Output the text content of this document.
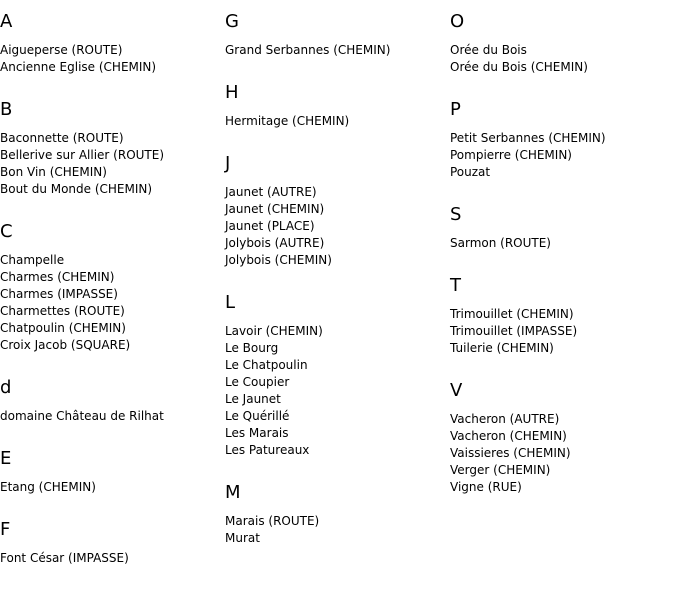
A
Aigueperse (ROUTE)
Ancienne Eglise (CHEMIN)
B
Baconnette (ROUTE)
Bellerive sur Allier (ROUTE)
Bon Vin (CHEMIN)
Bout du Monde (CHEMIN)
C
Champelle
Charmes (CHEMIN)
Charmes (IMPASSE)
Charmettes (ROUTE)
Chatpoulin (CHEMIN)
Croix Jacob (SQUARE)
d
domaine Château de Rilhat
E
Etang (CHEMIN)
F
Font César (IMPASSE)
G
Grand Serbannes (CHEMIN)
H
Hermitage (CHEMIN)
J
Jaunet (AUTRE)
Jaunet (CHEMIN)
Jaunet (PLACE)
Jolybois (AUTRE)
Jolybois (CHEMIN)
L
Lavoir (CHEMIN)
Le Bourg
Le Chatpoulin
Le Coupier
Le Jaunet
Le Quérillé
Les Marais
Les Patureaux
M
Marais (ROUTE)
Murat
O
Orée du Bois
Orée du Bois (CHEMIN)
P
Petit Serbannes (CHEMIN)
Pompierre (CHEMIN)
Pouzat
S
Sarmon (ROUTE)
T
Trimouillet (CHEMIN)
Trimouillet (IMPASSE)
Tuilerie (CHEMIN)
V
Vacheron (AUTRE)
Vacheron (CHEMIN)
Vaissieres (CHEMIN)
Verger (CHEMIN)
Vigne (RUE)
